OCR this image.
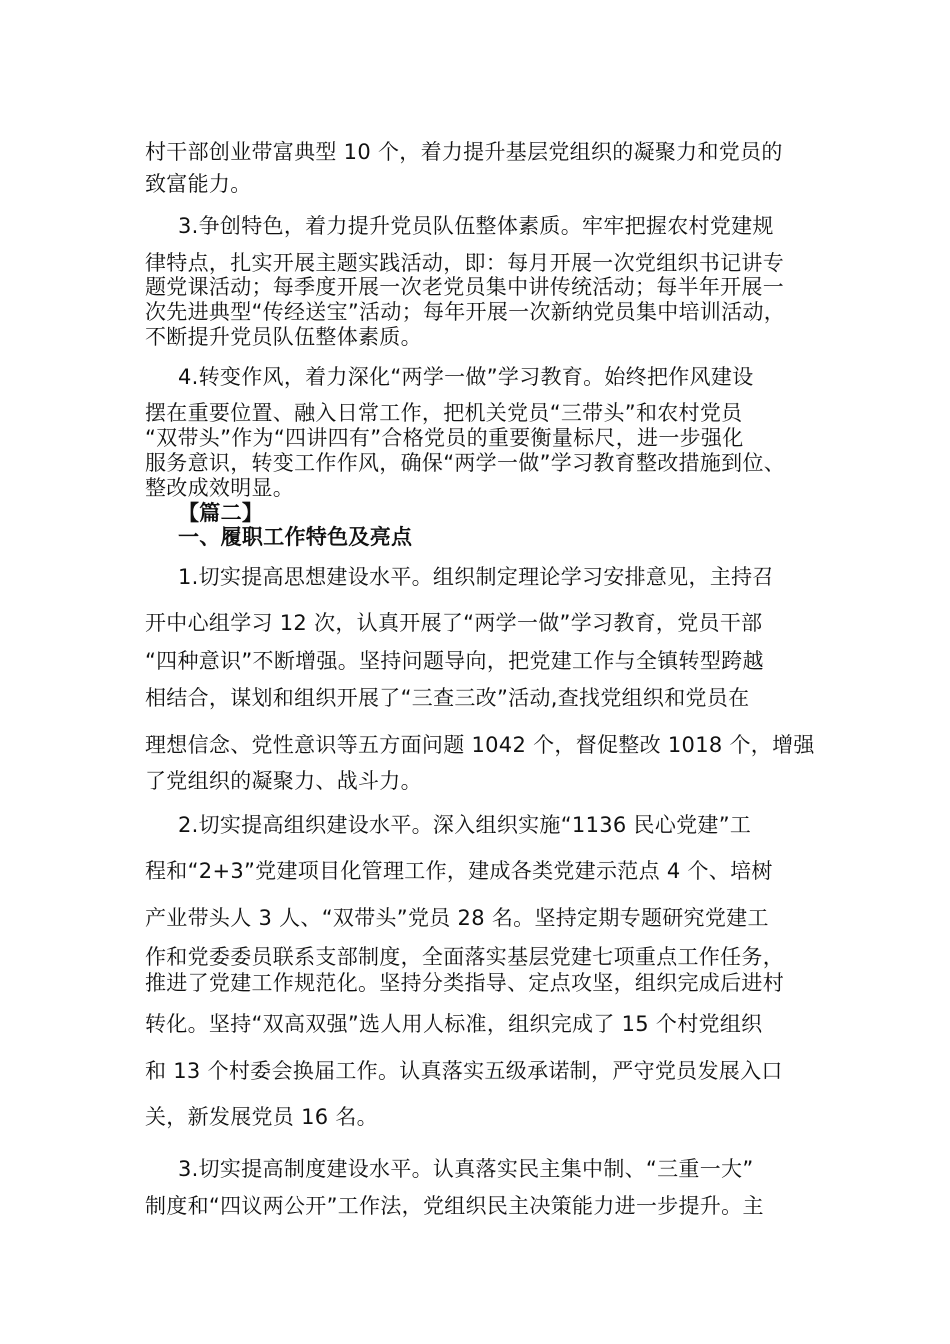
村干部创业带富典型 10 个，着力提升基层党组织的凝聚力和党员的
致富能力。
3.争创特色，着力提升党员队伍整体素质。牢牢把握农村党建规
律特点，扎实开展主题实践活动，即：每月开展一次党组织书记讲专
题党课活动；每季度开展一次老党员集中讲传统活动；每半年开展一
次先进典型“传经送宝”活动；每年开展一次新纳党员集中培训活动，
不断提升党员队伍整体素质。
4.转变作风，着力深化“两学一做”学习教育。始终把作风建设
摆在重要位置、融入日常工作，把机关党员“三带头”和农村党员
“双带头”作为“四讲四有”合格党员的重要衡量标尺，进一步强化
服务意识，转变工作作风，确保“两学一做”学习教育整改措施到位、
整改成效明显。
【篇二】
一、履职工作特色及亮点
1.切实提高思想建设水平。组织制定理论学习安排意见，主持召
开中心组学习 12 次，认真开展了“两学一做”学习教育，党员干部
“四种意识”不断增强。坚持问题导向，把党建工作与全镇转型跨越
相结合，谋划和组织开展了“三查三改”活动,查找党组织和党员在
理想信念、党性意识等五方面问题 1042 个，督促整改 1018 个，增强
了党组织的凝聚力、战斗力。
2.切实提高组织建设水平。深入组织实施“1136 民心党建”工
程和“2+3”党建项目化管理工作，建成各类党建示范点 4 个、培树
产业带头人 3 人、“双带头”党员 28 名。坚持定期专题研究党建工
作和党委委员联系支部制度，全面落实基层党建七项重点工作任务，
推进了党建工作规范化。坚持分类指导、定点攻坚，组织完成后进村
转化。坚持“双高双强”选人用人标准，组织完成了 15 个村党组织
和 13 个村委会换届工作。认真落实五级承诺制，严守党员发展入口
关，新发展党员 16 名。
3.切实提高制度建设水平。认真落实民主集中制、“三重一大”
制度和“四议两公开”工作法，党组织民主决策能力进一步提升。主
